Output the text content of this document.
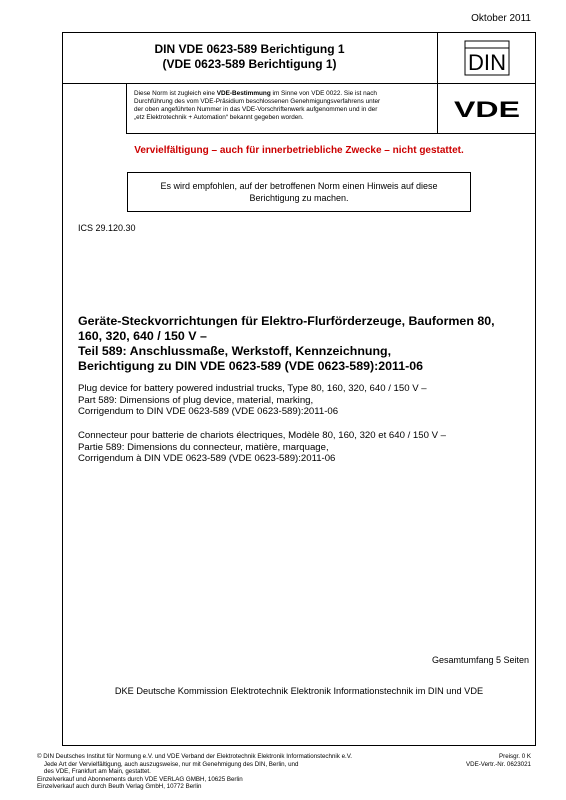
Oktober 2011
DIN VDE 0623-589 Berichtigung 1
(VDE 0623-589 Berichtigung 1)	DIN
Diese Norm ist zugleich eine VDE-Bestimmung im Sinne von VDE 0022. Sie ist nach
Durchführung des vom VDE-Präsidium beschlossenen Genehmigungsverfahrens unter
der oben angeführten Nummer in das VDE-Vorschriftenwerk aufgenommen und in der
„etz Elektrotechnik + Automation“ bekannt gegeben worden.	VDE
Vervielfältigung – auch für innerbetriebliche Zwecke – nicht gestattet.
Es wird empfohlen, auf der betroffenen Norm einen Hinweis auf diese
Berichtigung zu machen.
ICS 29.120.30
Geräte-Steckvorrichtungen für Elektro-Flurförderzeuge, Bauformen 80,
160, 320, 640 / 150 V –
Teil 589: Anschlussmaße, Werkstoff, Kennzeichnung,
Berichtigung zu DIN VDE 0623-589 (VDE 0623-589):2011-06
Plug device for battery powered industrial trucks, Type 80, 160, 320, 640 / 150 V –
Part 589: Dimensions of plug device, material, marking,
Corrigendum to DIN VDE 0623-589 (VDE 0623-589):2011-06
Connecteur pour batterie de chariots électriques, Modèle 80, 160, 320 et 640 / 150 V –
Partie 589: Dimensions du connecteur, matière, marquage,
Corrigendum à DIN VDE 0623-589 (VDE 0623-589):2011-06
Gesamtumfang 5 Seiten
DKE Deutsche Kommission Elektrotechnik Elektronik Informationstechnik im DIN und VDE
© DIN Deutsches Institut für Normung e.V. und VDE Verband der Elektrotechnik Elektronik Informationstechnik e.V.
Jede Art der Vervielfältigung, auch auszugsweise, nur mit Genehmigung des DIN, Berlin, und
des VDE, Frankfurt am Main, gestattet.
Einzelverkauf und Abonnements durch VDE VERLAG GMBH, 10625 Berlin
Einzelverkauf auch durch Beuth Verlag GmbH, 10772 Berlin
Preisgr. 0 K
VDE-Vertr.-Nr. 0623021
